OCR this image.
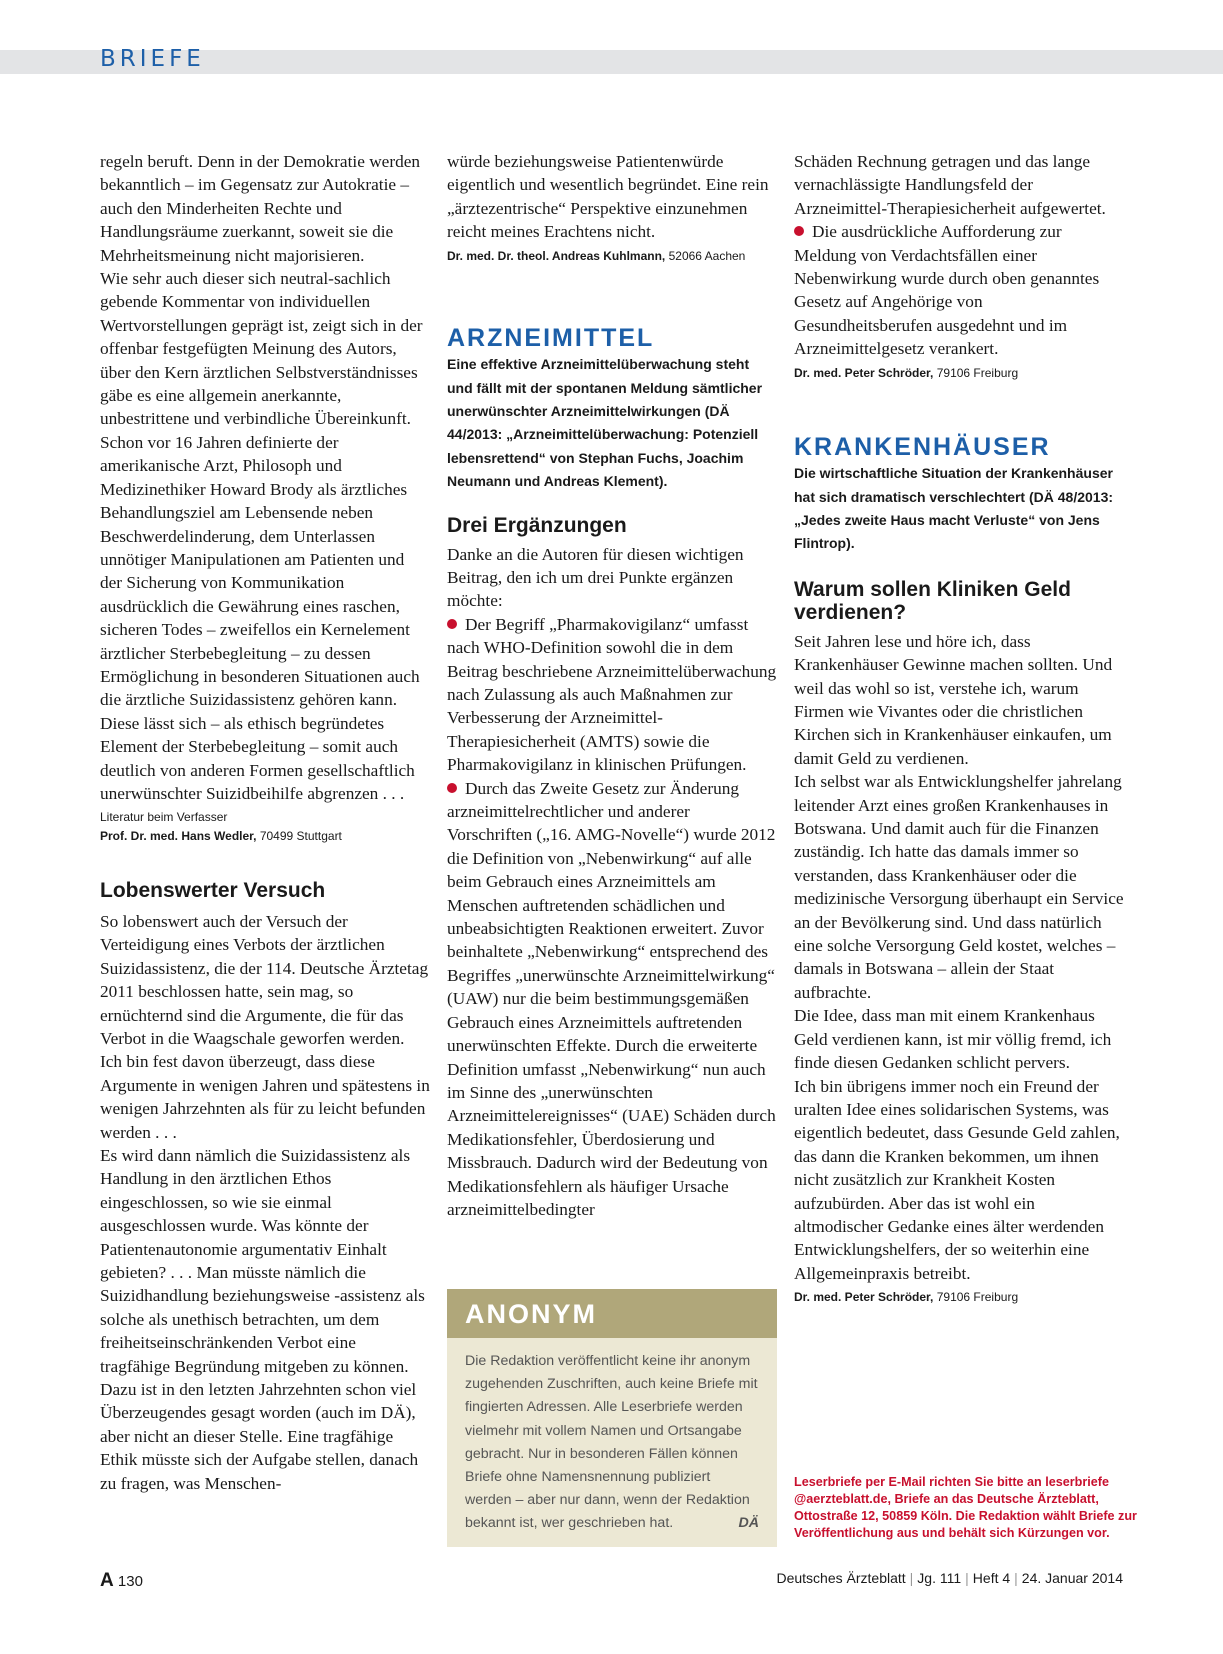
BRIEFE

regeln beruft. Denn in der Demokratie werden bekanntlich – im Gegensatz zur Autokratie – auch den Minderheiten Rechte und Handlungsräume zuerkannt, soweit sie die Mehrheitsmeinung nicht majorisieren.

Wie sehr auch dieser sich neutral-sachlich gebende Kommentar von individuellen Wertvorstellungen geprägt ist, zeigt sich in der offenbar festgefügten Meinung des Autors, über den Kern ärztlichen Selbstverständnisses gäbe es eine allgemein anerkannte, unbestrittene und verbindliche Übereinkunft. Schon vor 16 Jahren definierte der amerikanische Arzt, Philosoph und Medizinethiker Howard Brody als ärztliches Behandlungsziel am Lebensende neben Beschwerdelinderung, dem Unterlassen unnötiger Manipulationen am Patienten und der Sicherung von Kommunikation ausdrücklich die Gewährung eines raschen, sicheren Todes – zweifellos ein Kernelement ärztlicher Sterbebegleitung – zu dessen Ermöglichung in besonderen Situationen auch die ärztliche Suizidassistenz gehören kann. Diese lässt sich – als ethisch begründetes Element der Sterbebegleitung – somit auch deutlich von anderen Formen gesellschaftlich unerwünschter Suizidbeihilfe abgrenzen . . .

Literatur beim Verfasser

Prof. Dr. med. Hans Wedler, 70499 Stuttgart

Lobenswerter Versuch

So lobenswert auch der Versuch der Verteidigung eines Verbots der ärztlichen Suizidassistenz, die der 114. Deutsche Ärztetag 2011 beschlossen hatte, sein mag, so ernüchternd sind die Argumente, die für das Verbot in die Waagschale geworfen werden. Ich bin fest davon überzeugt, dass diese Argumente in wenigen Jahren und spätestens in wenigen Jahrzehnten als für zu leicht befunden werden . . .

Es wird dann nämlich die Suizidassistenz als Handlung in den ärztlichen Ethos eingeschlossen, so wie sie einmal ausgeschlossen wurde. Was könnte der Patientenautonomie argumentativ Einhalt gebieten? . . . Man müsste nämlich die Suizidhandlung beziehungsweise -assistenz als solche als unethisch betrachten, um dem freiheitseinschränkenden Verbot eine tragfähige Begründung mitgeben zu können. Dazu ist in den letzten Jahrzehnten schon viel Überzeugendes gesagt worden (auch im DÄ), aber nicht an dieser Stelle. Eine tragfähige Ethik müsste sich der Aufgabe stellen, danach zu fragen, was Menschen-

würde beziehungsweise Patientenwürde eigentlich und wesentlich begründet. Eine rein „ärztezentrische“ Perspektive einzunehmen reicht meines Erachtens nicht.

Dr. med. Dr. theol. Andreas Kuhlmann, 52066 Aachen

ARZNEIMITTEL

Eine effektive Arzneimittelüberwachung steht und fällt mit der spontanen Meldung sämtlicher unerwünschter Arzneimittelwirkungen (DÄ 44/2013: „Arzneimittelüberwachung: Potenziell lebensrettend“ von Stephan Fuchs, Joachim Neumann und Andreas Klement).

Drei Ergänzungen

Danke an die Autoren für diesen wichtigen Beitrag, den ich um drei Punkte ergänzen möchte:

Der Begriff „Pharmakovigilanz“ umfasst nach WHO-Definition sowohl die in dem Beitrag beschriebene Arzneimittelüberwachung nach Zulassung als auch Maßnahmen zur Verbesserung der Arzneimittel-Therapiesicherheit (AMTS) sowie die Pharmakovigilanz in klinischen Prüfungen.

Durch das Zweite Gesetz zur Änderung arzneimittelrechtlicher und anderer Vorschriften („16. AMG-Novelle“) wurde 2012 die Definition von „Nebenwirkung“ auf alle beim Gebrauch eines Arzneimittels am Menschen auftretenden schädlichen und unbeabsichtigten Reaktionen erweitert. Zuvor beinhaltete „Nebenwirkung“ entsprechend des Begriffes „unerwünschte Arzneimittelwirkung“ (UAW) nur die beim bestimmungsgemäßen Gebrauch eines Arzneimittels auftretenden unerwünschten Effekte. Durch die erweiterte Definition umfasst „Nebenwirkung“ nun auch im Sinne des „unerwünschten Arzneimittelereignisses“ (UAE) Schäden durch Medikationsfehler, Überdosierung und Missbrauch. Dadurch wird der Bedeutung von Medikationsfehlern als häufiger Ursache arzneimittelbedingter

ANONYM
Die Redaktion veröffentlicht keine ihr anonym zugehenden Zuschriften, auch keine Briefe mit fingierten Adressen. Alle Leserbriefe werden vielmehr mit vollem Namen und Ortsangabe gebracht. Nur in besonderen Fällen können Briefe ohne Namensnennung publiziert werden – aber nur dann, wenn der Redaktion bekannt ist, wer geschrieben hat.	DÄ

Schäden Rechnung getragen und das lange vernachlässigte Handlungsfeld der Arzneimittel-Therapiesicherheit aufgewertet.

Die ausdrückliche Aufforderung zur Meldung von Verdachtsfällen einer Nebenwirkung wurde durch oben genanntes Gesetz auf Angehörige von Gesundheitsberufen ausgedehnt und im Arzneimittelgesetz verankert.

Dr. med. Peter Schröder, 79106 Freiburg

KRANKENHÄUSER

Die wirtschaftliche Situation der Krankenhäuser hat sich dramatisch verschlechtert (DÄ 48/2013: „Jedes zweite Haus macht Verluste“ von Jens Flintrop).

Warum sollen Kliniken Geld verdienen?

Seit Jahren lese und höre ich, dass Krankenhäuser Gewinne machen sollten. Und weil das wohl so ist, verstehe ich, warum Firmen wie Vivantes oder die christlichen Kirchen sich in Krankenhäuser einkaufen, um damit Geld zu verdienen.

Ich selbst war als Entwicklungshelfer jahrelang leitender Arzt eines großen Krankenhauses in Botswana. Und damit auch für die Finanzen zuständig. Ich hatte das damals immer so verstanden, dass Krankenhäuser oder die medizinische Versorgung überhaupt ein Service an der Bevölkerung sind. Und dass natürlich eine solche Versorgung Geld kostet, welches – damals in Botswana – allein der Staat aufbrachte.

Die Idee, dass man mit einem Krankenhaus Geld verdienen kann, ist mir völlig fremd, ich finde diesen Gedanken schlicht pervers.

Ich bin übrigens immer noch ein Freund der uralten Idee eines solidarischen Systems, was eigentlich bedeutet, dass Gesunde Geld zahlen, das dann die Kranken bekommen, um ihnen nicht zusätzlich zur Krankheit Kosten aufzubürden. Aber das ist wohl ein altmodischer Gedanke eines älter werdenden Entwicklungshelfers, der so weiterhin eine Allgemeinpraxis betreibt.

Dr. med. Peter Schröder, 79106 Freiburg

Leserbriefe per E-Mail richten Sie bitte an leserbriefe @aerzteblatt.de, Briefe an das Deutsche Ärzteblatt, Ottostraße 12, 50859 Köln. Die Redaktion wählt Briefe zur Veröffentlichung aus und behält sich Kürzungen vor.

A 130	Deutsches Ärzteblatt | Jg. 111 | Heft 4 | 24. Januar 2014
